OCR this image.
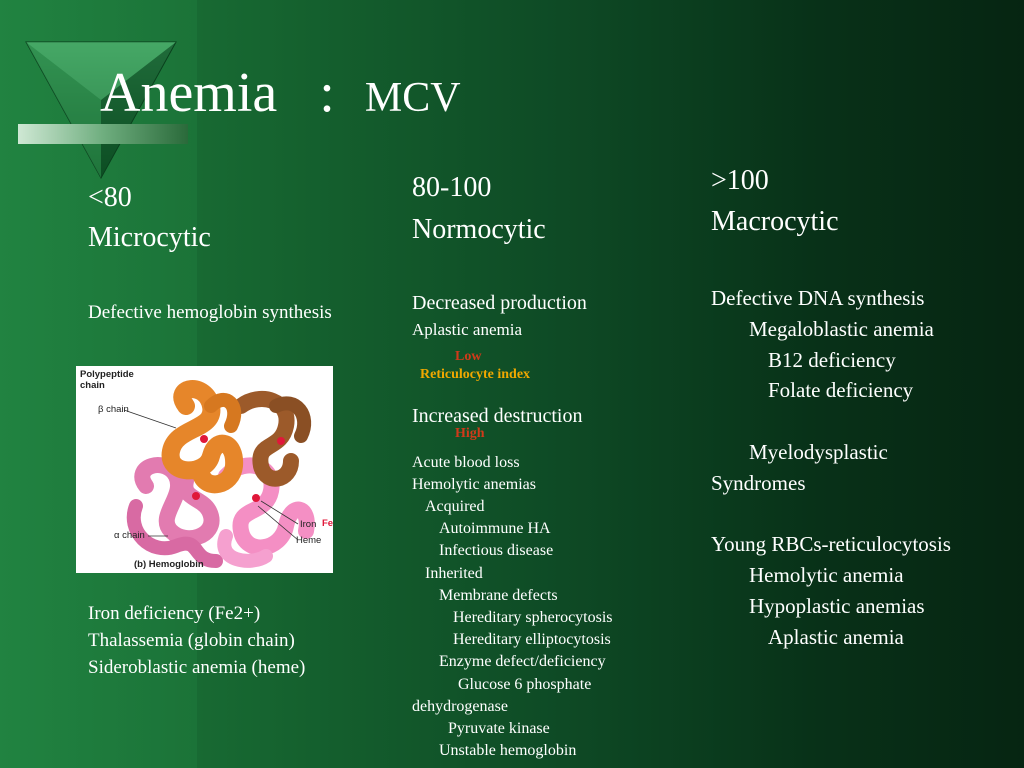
Anemia : MCV
<80
Microcytic
Defective hemoglobin synthesis
Polypeptide
chain
β chain
α chain
Iron Fe
Heme
(b) Hemoglobin
Iron deficiency (Fe2+)
Thalassemia (globin chain)
Sideroblastic anemia (heme)
80-100
Normocytic
Decreased production
Aplastic anemia
Low
Reticulocyte index
Increased destruction
High
Acute blood loss
Hemolytic anemias
Acquired
Autoimmune HA
Infectious disease
Inherited
Membrane defects
Hereditary spherocytosis
Hereditary elliptocytosis
Enzyme defect/deficiency
Glucose 6 phosphate
dehydrogenase
Pyruvate kinase
Unstable hemoglobin
>100
Macrocytic
Defective DNA synthesis
Megaloblastic anemia
B12 deficiency
Folate deficiency
Myelodysplastic
Syndromes
Young RBCs-reticulocytosis
Hemolytic anemia
Hypoplastic anemias
Aplastic anemia
